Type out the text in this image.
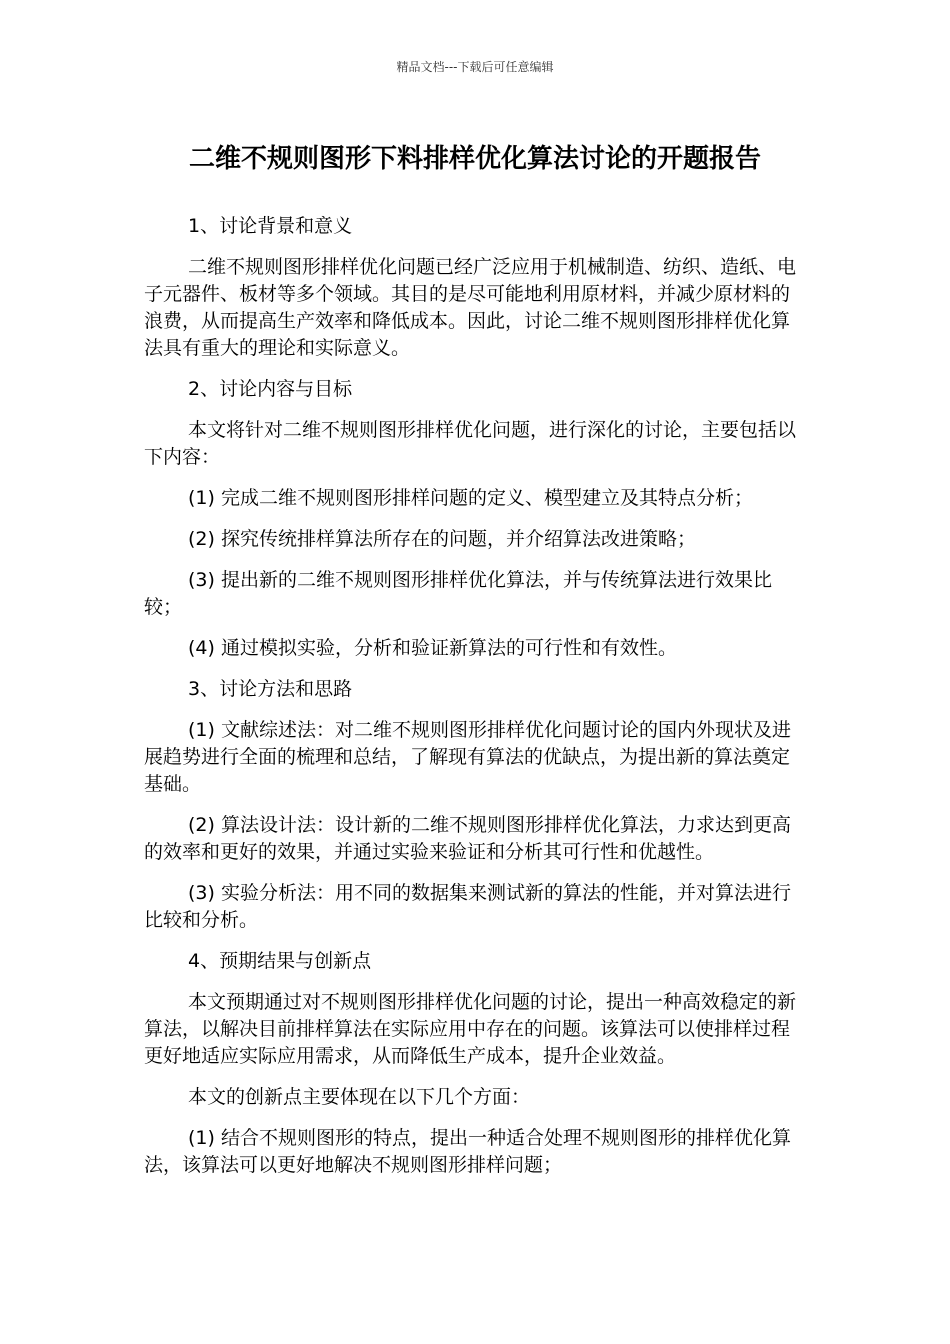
精品文档---下载后可任意编辑
二维不规则图形下料排样优化算法讨论的开题报告

1、讨论背景和意义

二维不规则图形排样优化问题已经广泛应用于机械制造、纺织、造纸、电子元器件、板材等多个领域。其目的是尽可能地利用原材料，并减少原材料的浪费，从而提高生产效率和降低成本。因此，讨论二维不规则图形排样优化算法具有重大的理论和实际意义。

2、讨论内容与目标

本文将针对二维不规则图形排样优化问题，进行深化的讨论，主要包括以下内容：

(1) 完成二维不规则图形排样问题的定义、模型建立及其特点分析；

(2) 探究传统排样算法所存在的问题，并介绍算法改进策略；

(3) 提出新的二维不规则图形排样优化算法，并与传统算法进行效果比较；

(4) 通过模拟实验，分析和验证新算法的可行性和有效性。

3、讨论方法和思路

(1) 文献综述法：对二维不规则图形排样优化问题讨论的国内外现状及进展趋势进行全面的梳理和总结，了解现有算法的优缺点，为提出新的算法奠定基础。

(2) 算法设计法：设计新的二维不规则图形排样优化算法，力求达到更高的效率和更好的效果，并通过实验来验证和分析其可行性和优越性。

(3) 实验分析法：用不同的数据集来测试新的算法的性能，并对算法进行比较和分析。

4、预期结果与创新点

本文预期通过对不规则图形排样优化问题的讨论，提出一种高效稳定的新算法，以解决目前排样算法在实际应用中存在的问题。该算法可以使排样过程更好地适应实际应用需求，从而降低生产成本，提升企业效益。

本文的创新点主要体现在以下几个方面：

(1) 结合不规则图形的特点，提出一种适合处理不规则图形的排样优化算法，该算法可以更好地解决不规则图形排样问题；
